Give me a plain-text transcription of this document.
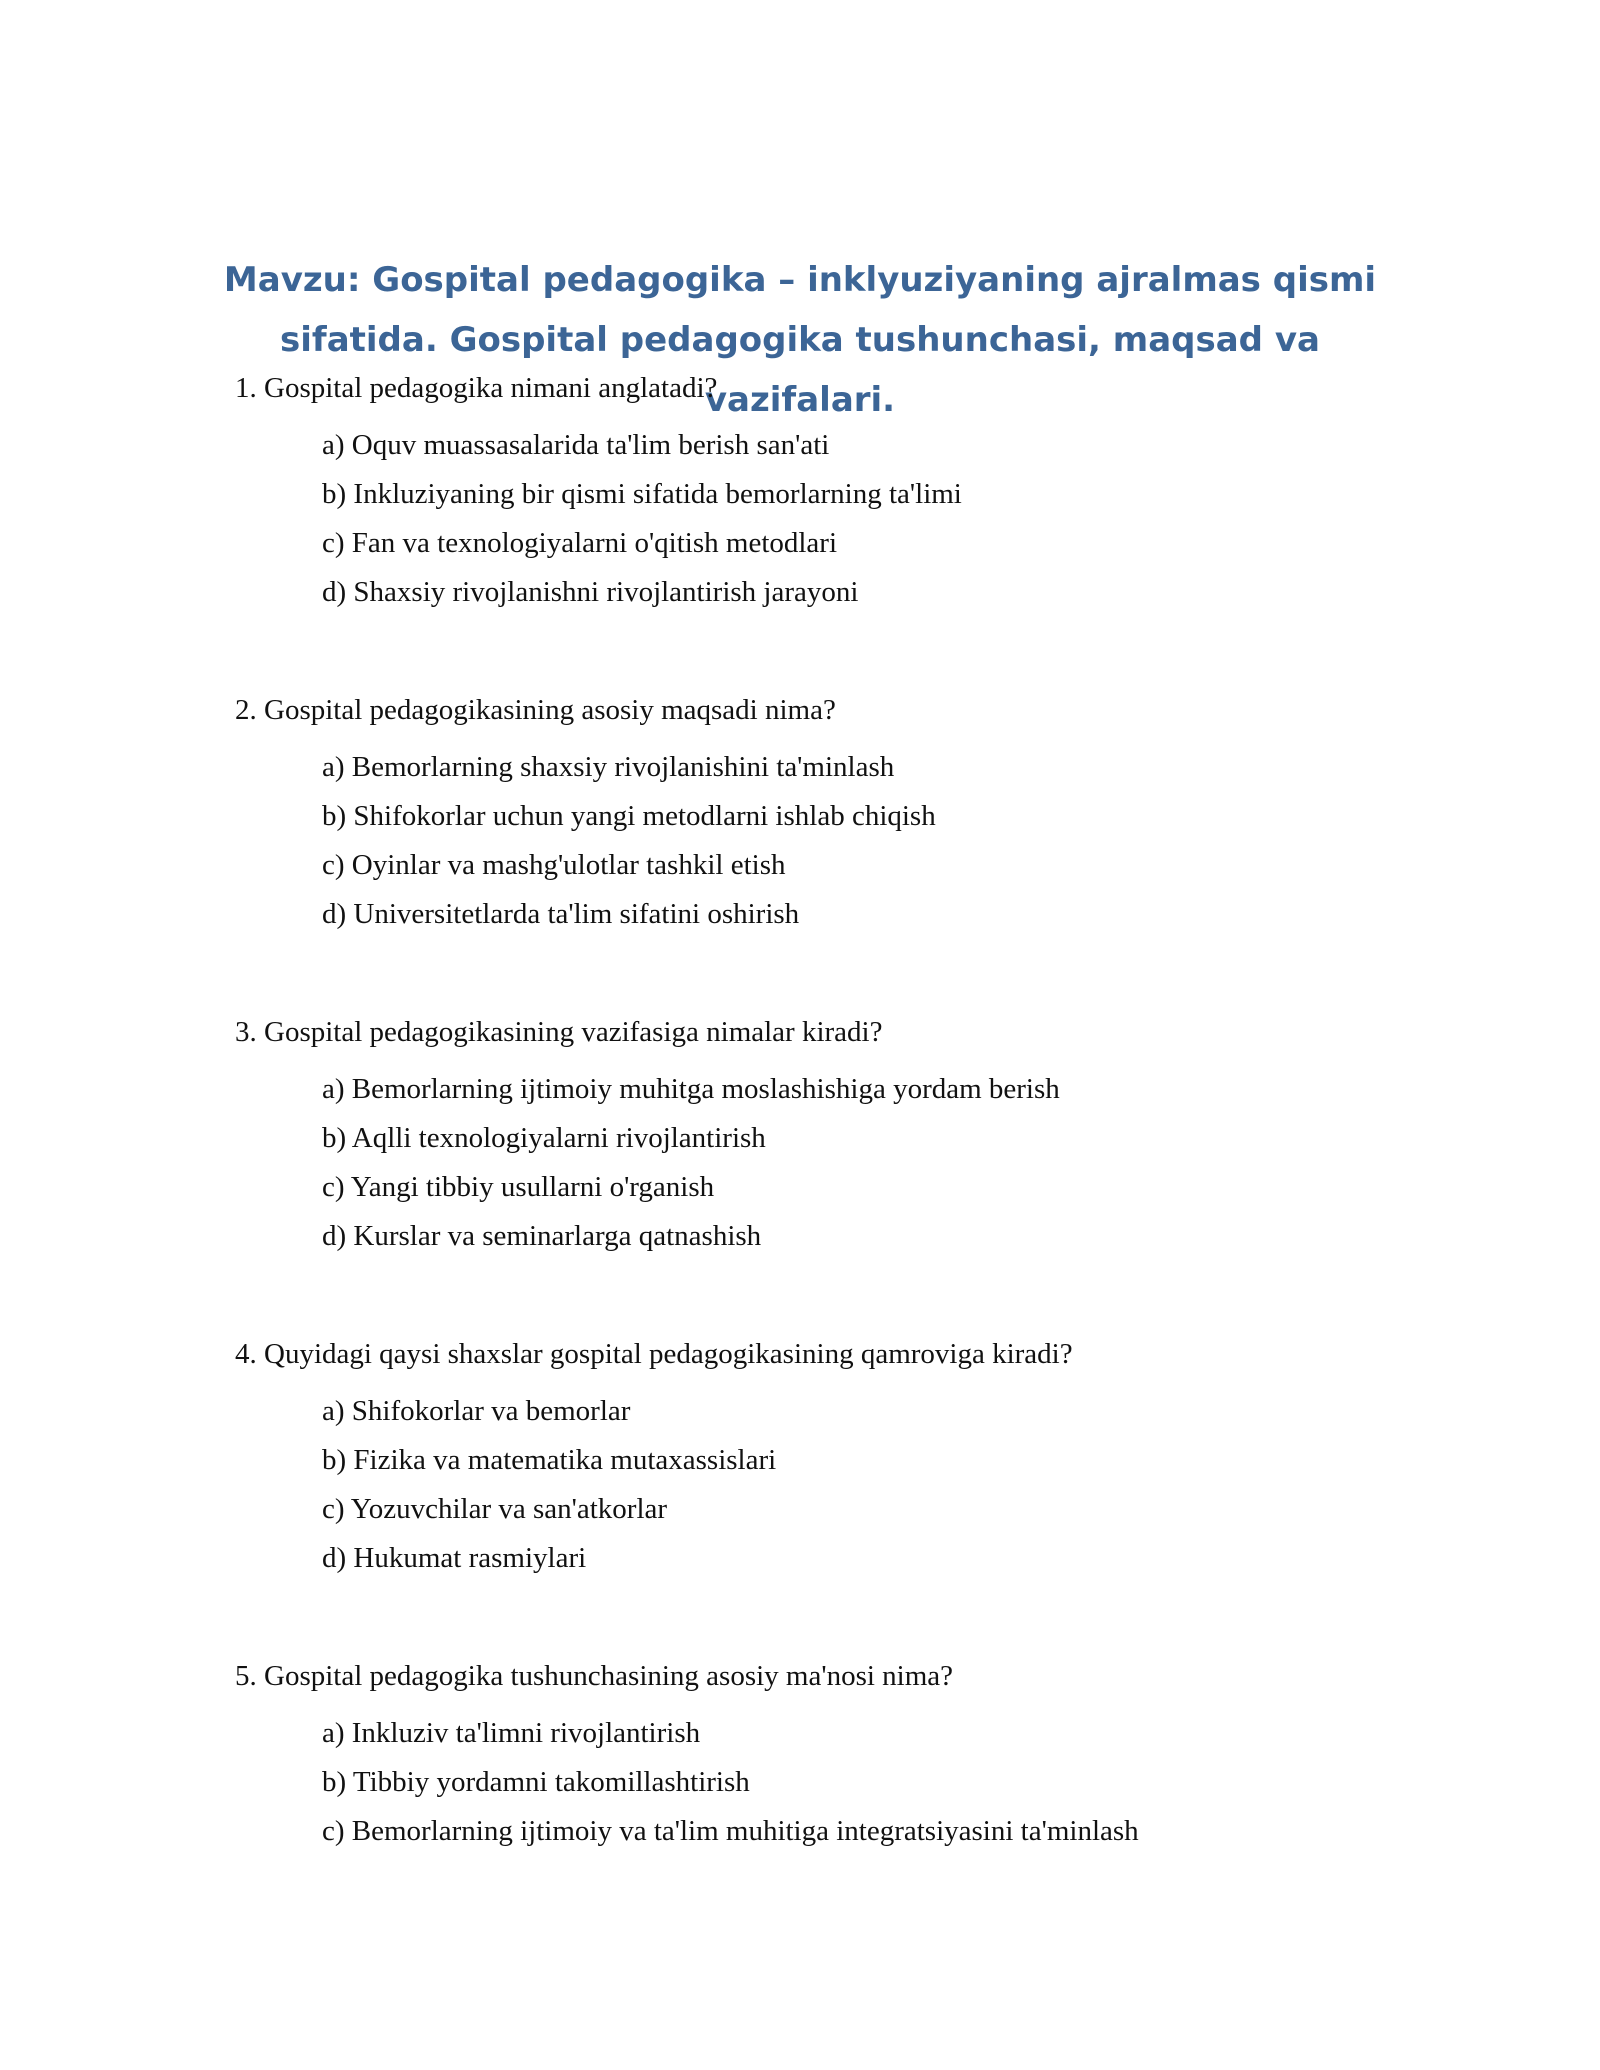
Mavzu: Gospital pedagogika – inklyuziyaning ajralmas qismi
sifatida. Gospital pedagogika tushunchasi, maqsad va vazifalari.
1. Gospital pedagogika nimani anglatadi?
a) Oquv muassasalarida ta'lim berish san'ati
b) Inkluziyaning bir qismi sifatida bemorlarning ta'limi
c) Fan va texnologiyalarni o'qitish metodlari
d) Shaxsiy rivojlanishni rivojlantirish jarayoni
2. Gospital pedagogikasining asosiy maqsadi nima?
a) Bemorlarning shaxsiy rivojlanishini ta'minlash
b) Shifokorlar uchun yangi metodlarni ishlab chiqish
c) Oyinlar va mashg'ulotlar tashkil etish
d) Universitetlarda ta'lim sifatini oshirish
3. Gospital pedagogikasining vazifasiga nimalar kiradi?
a) Bemorlarning ijtimoiy muhitga moslashishiga yordam berish
b) Aqlli texnologiyalarni rivojlantirish
c) Yangi tibbiy usullarni o'rganish
d) Kurslar va seminarlarga qatnashish
4. Quyidagi qaysi shaxslar gospital pedagogikasining qamroviga kiradi?
a) Shifokorlar va bemorlar
b) Fizika va matematika mutaxassislari
c) Yozuvchilar va san'atkorlar
d) Hukumat rasmiylari
5. Gospital pedagogika tushunchasining asosiy ma'nosi nima?
a) Inkluziv ta'limni rivojlantirish
b) Tibbiy yordamni takomillashtirish
c) Bemorlarning ijtimoiy va ta'lim muhitiga integratsiyasini ta'minlash
